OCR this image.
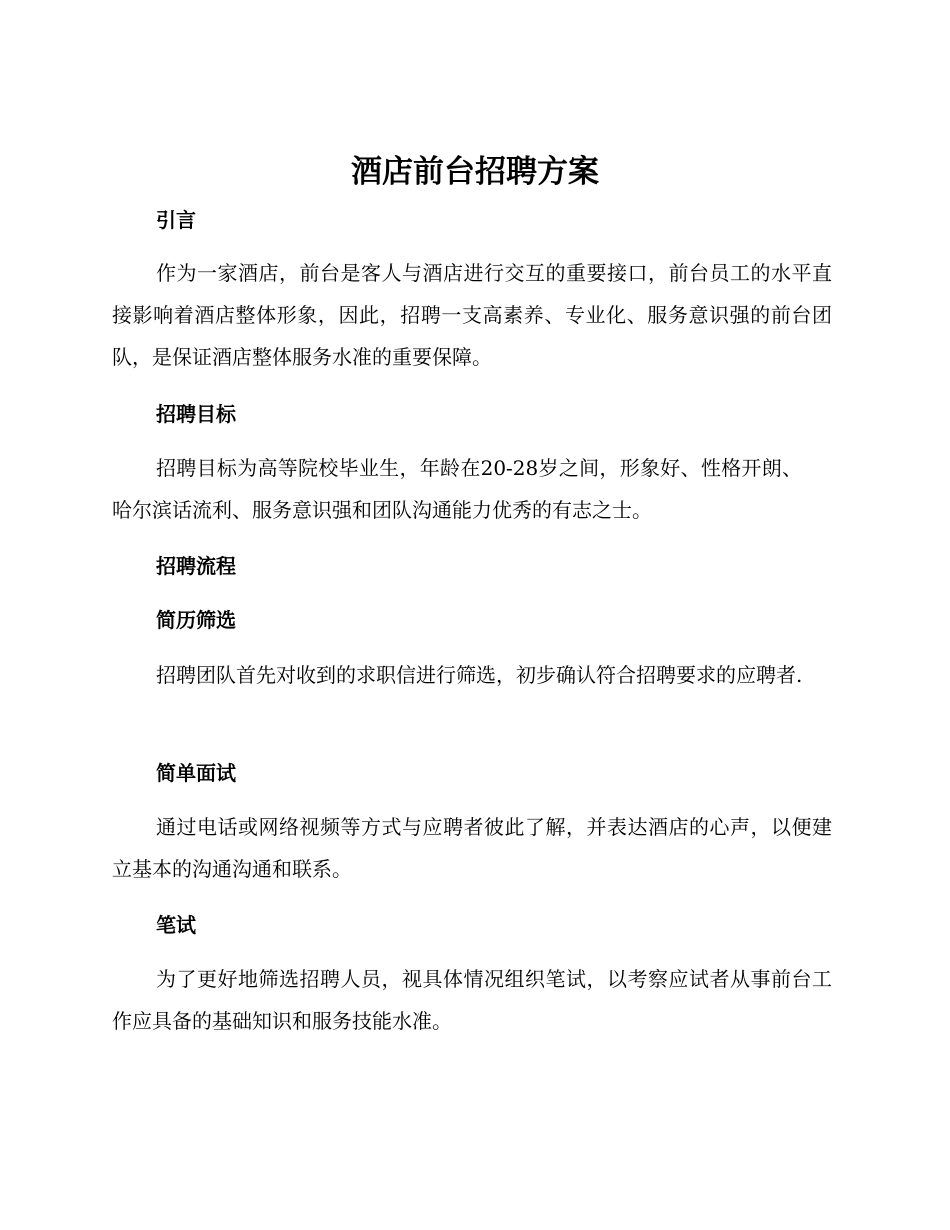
酒店前台招聘方案
引言
作为一家酒店，前台是客人与酒店进行交互的重要接口，前台员工的水平直接影响着酒店整体形象，因此，招聘一支高素养、专业化、服务意识强的前台团队，是保证酒店整体服务水准的重要保障。
招聘目标
招聘目标为高等院校毕业生，年龄在20-28岁之间，形象好、性格开朗、哈尔滨话流利、服务意识强和团队沟通能力优秀的有志之士。
招聘流程
简历筛选
招聘团队首先对收到的求职信进行筛选，初步确认符合招聘要求的应聘者.
简单面试
通过电话或网络视频等方式与应聘者彼此了解，并表达酒店的心声，以便建立基本的沟通沟通和联系。
笔试
为了更好地筛选招聘人员，视具体情况组织笔试，以考察应试者从事前台工作应具备的基础知识和服务技能水准。
